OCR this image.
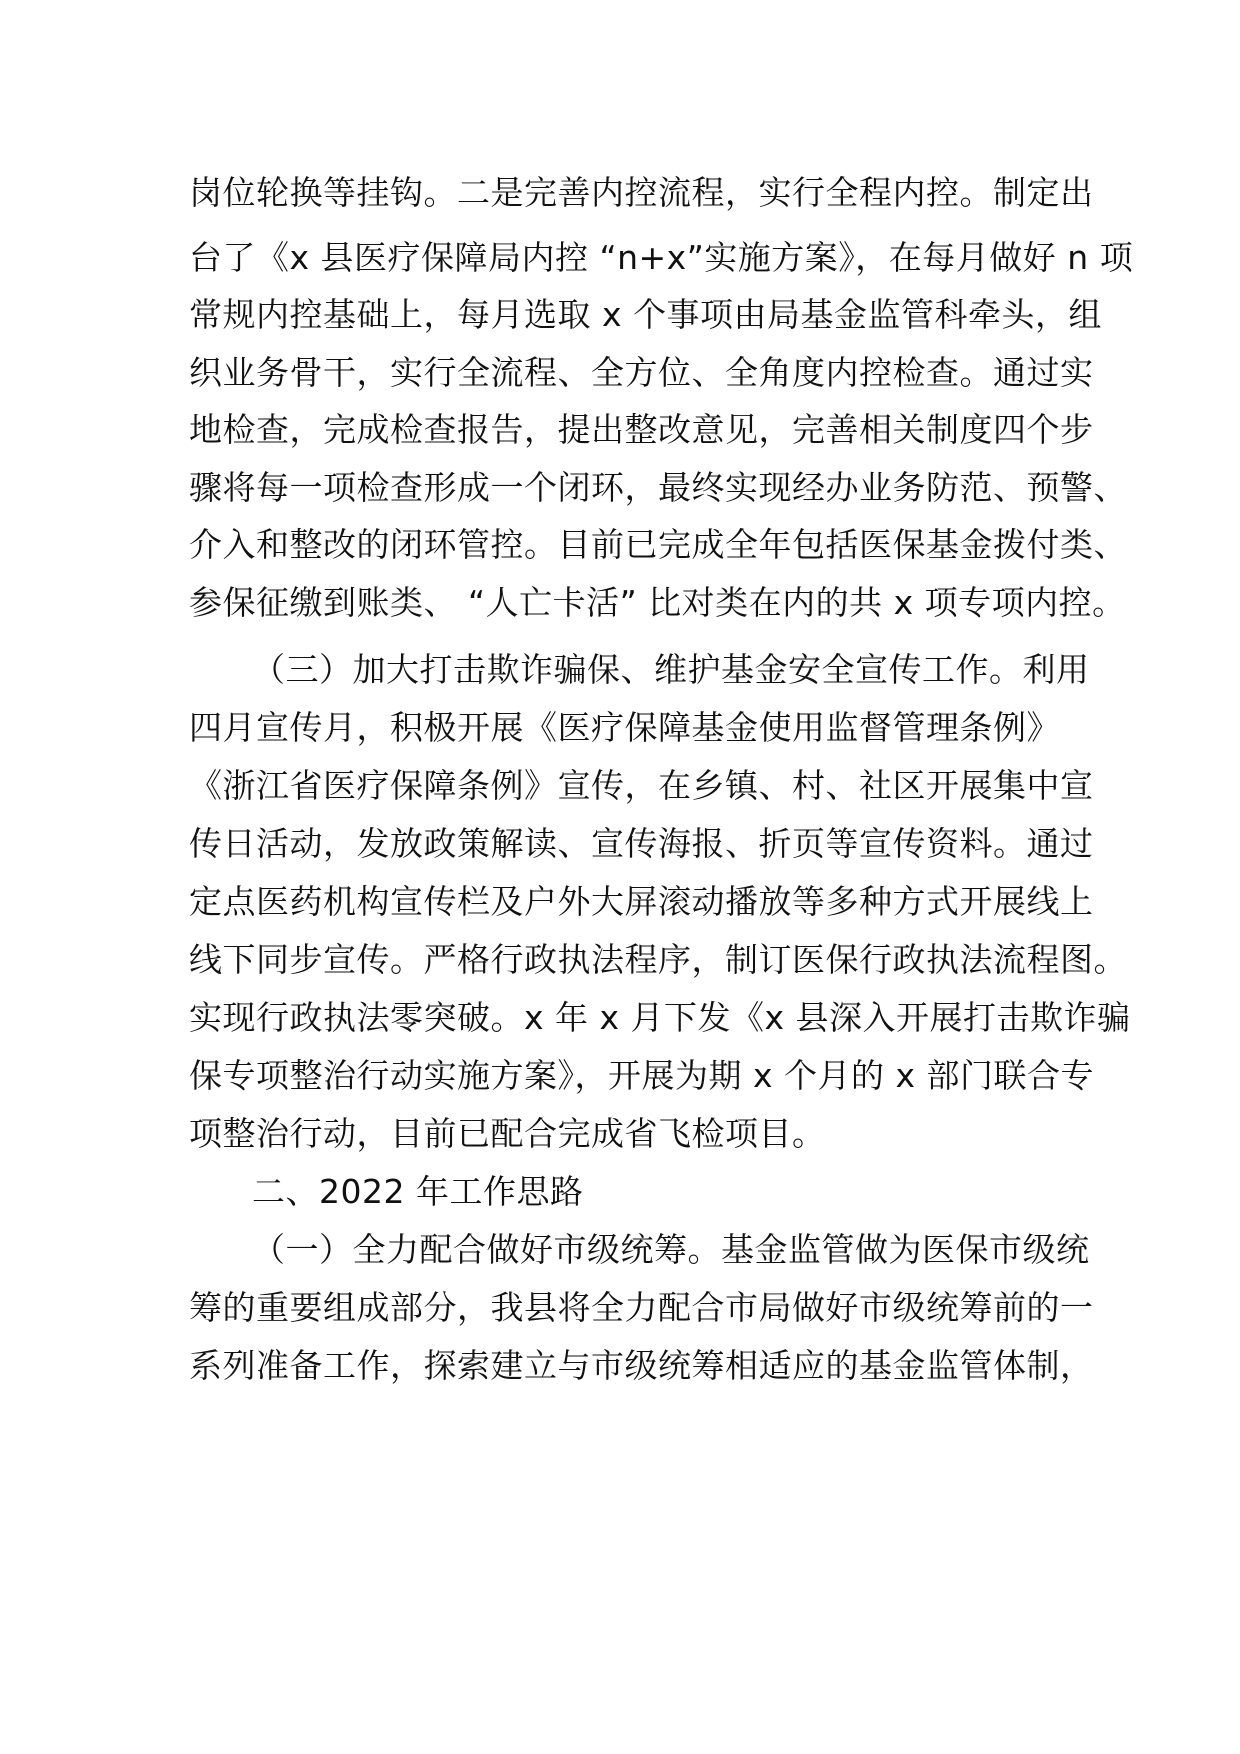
岗位轮换等挂钩。二是完善内控流程，实行全程内控。制定出
台了《x 县医疗保障局内控 “n+x”实施方案》，在每月做好 n 项
常规内控基础上，每月选取 x 个事项由局基金监管科牵头，组
织业务骨干，实行全流程、全方位、全角度内控检查。通过实
地检查，完成检查报告，提出整改意见，完善相关制度四个步
骤将每一项检查形成一个闭环，最终实现经办业务防范、预警、
介入和整改的闭环管控。目前已完成全年包括医保基金拨付类、
参保征缴到账类、 “人亡卡活” 比对类在内的共 x 项专项内控。
（三）加大打击欺诈骗保、维护基金安全宣传工作。利用
四月宣传月，积极开展《医疗保障基金使用监督管理条例》
《浙江省医疗保障条例》宣传，在乡镇、村、社区开展集中宣
传日活动，发放政策解读、宣传海报、折页等宣传资料。通过
定点医药机构宣传栏及户外大屏滚动播放等多种方式开展线上
线下同步宣传。严格行政执法程序，制订医保行政执法流程图。
实现行政执法零突破。x 年 x 月下发《x 县深入开展打击欺诈骗
保专项整治行动实施方案》，开展为期 x 个月的 x 部门联合专
项整治行动，目前已配合完成省飞检项目。
二、2022 年工作思路
（一）全力配合做好市级统筹。基金监管做为医保市级统
筹的重要组成部分，我县将全力配合市局做好市级统筹前的一
系列准备工作，探索建立与市级统筹相适应的基金监管体制，
